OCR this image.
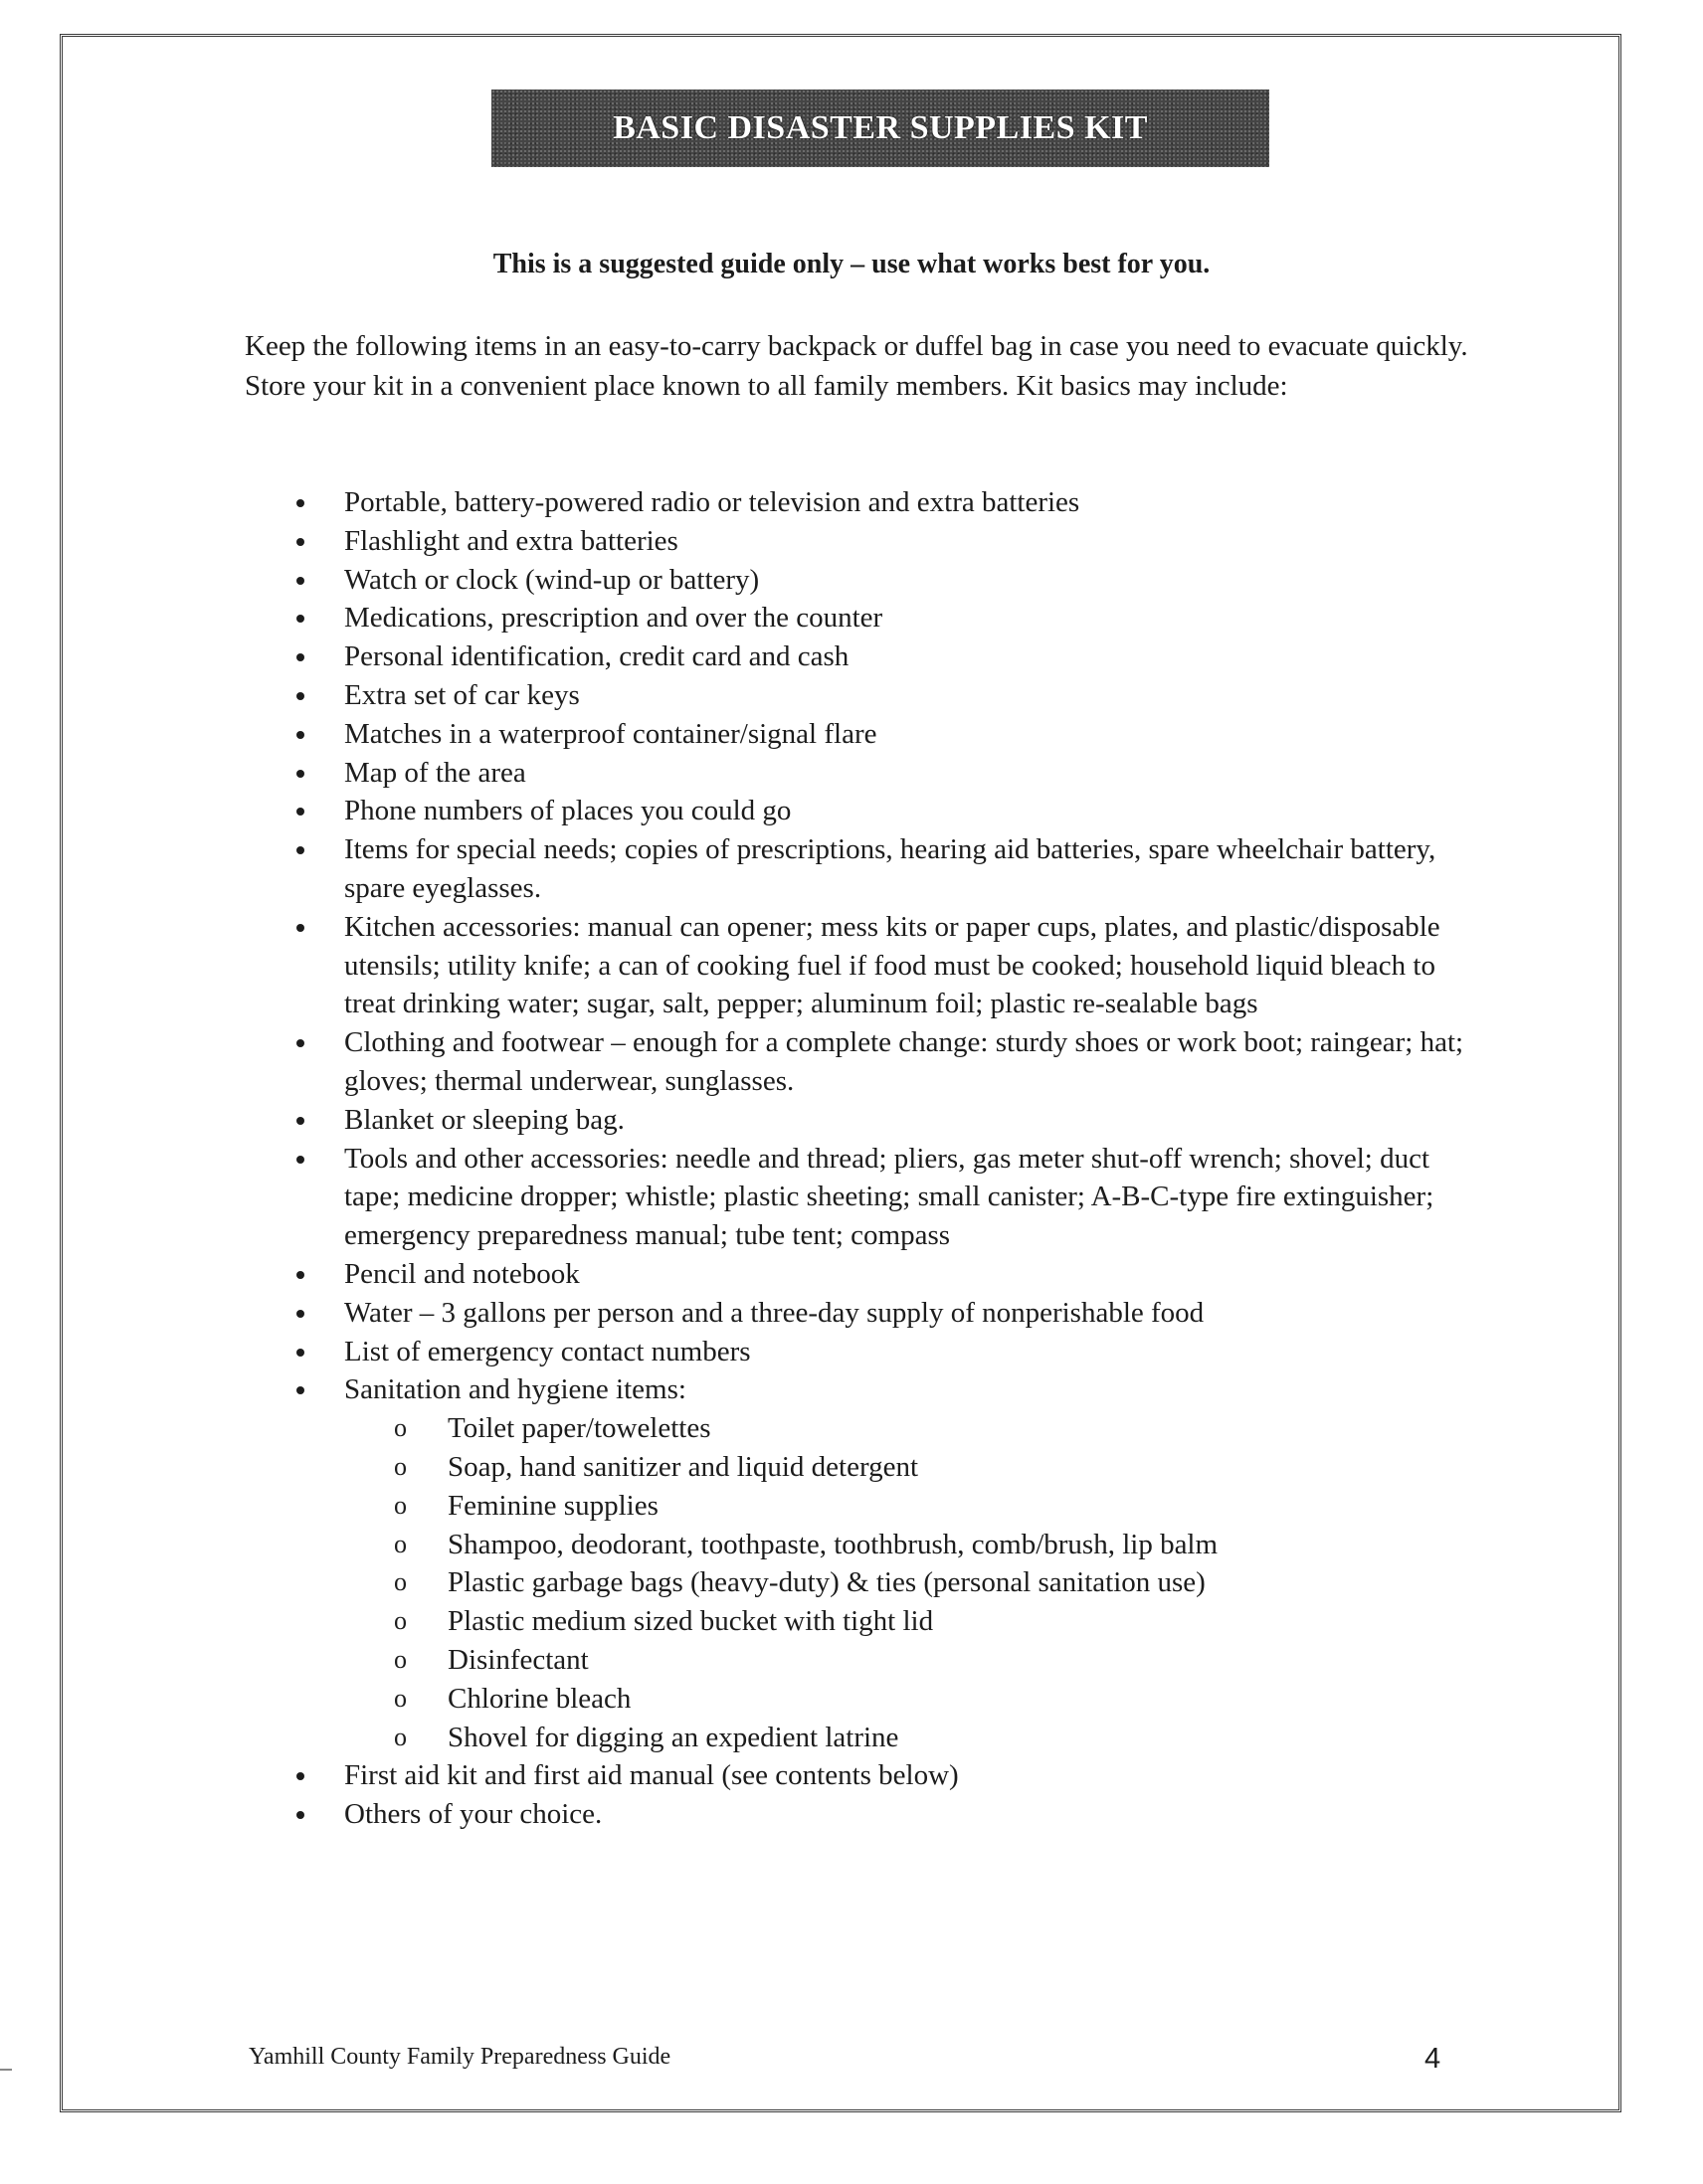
BASIC DISASTER SUPPLIES KIT
This is a suggested guide only – use what works best for you.
Keep the following items in an easy-to-carry backpack or duffel bag in case you need to evacuate quickly. Store your kit in a convenient place known to all family members. Kit basics may include:
Portable, battery-powered radio or television and extra batteries
Flashlight and extra batteries
Watch or clock (wind-up or battery)
Medications, prescription and over the counter
Personal identification, credit card and cash
Extra set of car keys
Matches in a waterproof container/signal flare
Map of the area
Phone numbers of places you could go
Items for special needs; copies of prescriptions, hearing aid batteries, spare wheelchair battery, spare eyeglasses.
Kitchen accessories: manual can opener; mess kits or paper cups, plates, and plastic/disposable utensils; utility knife; a can of cooking fuel if food must be cooked; household liquid bleach to treat drinking water; sugar, salt, pepper; aluminum foil; plastic re-sealable bags
Clothing and footwear – enough for a complete change: sturdy shoes or work boot; raingear; hat; gloves; thermal underwear, sunglasses.
Blanket or sleeping bag.
Tools and other accessories: needle and thread; pliers, gas meter shut-off wrench; shovel; duct tape; medicine dropper; whistle; plastic sheeting; small canister; A-B-C-type fire extinguisher; emergency preparedness manual; tube tent; compass
Pencil and notebook
Water – 3 gallons per person and a three-day supply of nonperishable food
List of emergency contact numbers
Sanitation and hygiene items:
o Toilet paper/towelettes
o Soap, hand sanitizer and liquid detergent
o Feminine supplies
o Shampoo, deodorant, toothpaste, toothbrush, comb/brush, lip balm
o Plastic garbage bags (heavy-duty) & ties (personal sanitation use)
o Plastic medium sized bucket with tight lid
o Disinfectant
o Chlorine bleach
o Shovel for digging an expedient latrine
First aid kit and first aid manual (see contents below)
Others of your choice.
Yamhill County Family Preparedness Guide	4
